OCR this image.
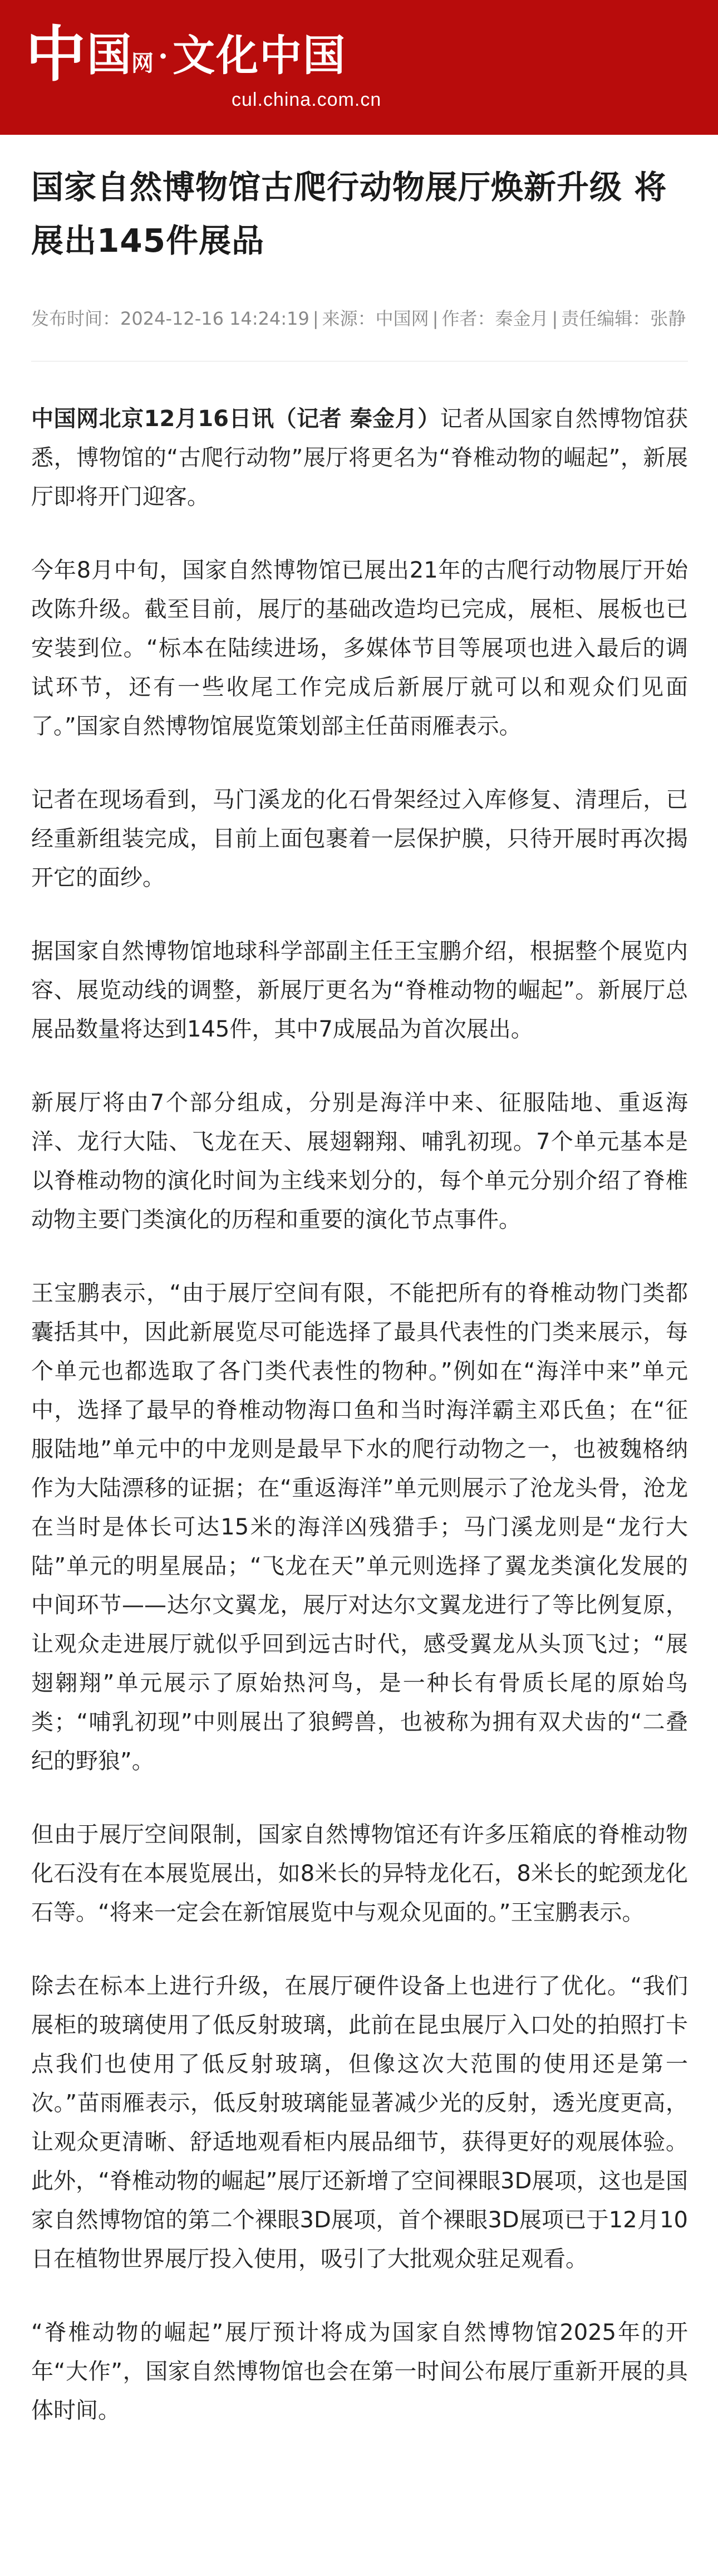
中 国 网 · 文化中国
cul.china.com.cn
国家自然博物馆古爬行动物展厅焕新升级 将展出145件展品
发布时间：2024-12-16 14:24:19 | 来源：中国网 | 作者：秦金月 | 责任编辑：张静

中国网北京12月16日讯（记者 秦金月）记者从国家自然博物馆获悉，博物馆的“古爬行动物”展厅将更名为“脊椎动物的崛起”，新展厅即将开门迎客。

今年8月中旬，国家自然博物馆已展出21年的古爬行动物展厅开始改陈升级。截至目前，展厅的基础改造均已完成，展柜、展板也已安装到位。“标本在陆续进场，多媒体节目等展项也进入最后的调试环节，还有一些收尾工作完成后新展厅就可以和观众们见面了。”国家自然博物馆展览策划部主任苗雨雁表示。

记者在现场看到，马门溪龙的化石骨架经过入库修复、清理后，已经重新组装完成，目前上面包裹着一层保护膜，只待开展时再次揭开它的面纱。

据国家自然博物馆地球科学部副主任王宝鹏介绍，根据整个展览内容、展览动线的调整，新展厅更名为“脊椎动物的崛起”。新展厅总展品数量将达到145件，其中7成展品为首次展出。

新展厅将由7个部分组成，分别是海洋中来、征服陆地、重返海洋、龙行大陆、飞龙在天、展翅翱翔、哺乳初现。7个单元基本是以脊椎动物的演化时间为主线来划分的，每个单元分别介绍了脊椎动物主要门类演化的历程和重要的演化节点事件。

王宝鹏表示，“由于展厅空间有限，不能把所有的脊椎动物门类都囊括其中，因此新展览尽可能选择了最具代表性的门类来展示，每个单元也都选取了各门类代表性的物种。”例如在“海洋中来”单元中，选择了最早的脊椎动物海口鱼和当时海洋霸主邓氏鱼；在“征服陆地”单元中的中龙则是最早下水的爬行动物之一，也被魏格纳作为大陆漂移的证据；在“重返海洋”单元则展示了沧龙头骨，沧龙在当时是体长可达15米的海洋凶残猎手；马门溪龙则是“龙行大陆”单元的明星展品；“飞龙在天”单元则选择了翼龙类演化发展的中间环节——达尔文翼龙，展厅对达尔文翼龙进行了等比例复原，让观众走进展厅就似乎回到远古时代，感受翼龙从头顶飞过；“展翅翱翔”单元展示了原始热河鸟，是一种长有骨质长尾的原始鸟类；“哺乳初现”中则展出了狼鳄兽，也被称为拥有双犬齿的“二叠纪的野狼”。

但由于展厅空间限制，国家自然博物馆还有许多压箱底的脊椎动物化石没有在本展览展出，如8米长的异特龙化石，8米长的蛇颈龙化石等。“将来一定会在新馆展览中与观众见面的。”王宝鹏表示。

除去在标本上进行升级，在展厅硬件设备上也进行了优化。“我们展柜的玻璃使用了低反射玻璃，此前在昆虫展厅入口处的拍照打卡点我们也使用了低反射玻璃，但像这次大范围的使用还是第一次。”苗雨雁表示，低反射玻璃能显著减少光的反射，透光度更高，让观众更清晰、舒适地观看柜内展品细节，获得更好的观展体验。此外，“脊椎动物的崛起”展厅还新增了空间裸眼3D展项，这也是国家自然博物馆的第二个裸眼3D展项，首个裸眼3D展项已于12月10日在植物世界展厅投入使用，吸引了大批观众驻足观看。

“脊椎动物的崛起”展厅预计将成为国家自然博物馆2025年的开年“大作”，国家自然博物馆也会在第一时间公布展厅重新开展的具体时间。
